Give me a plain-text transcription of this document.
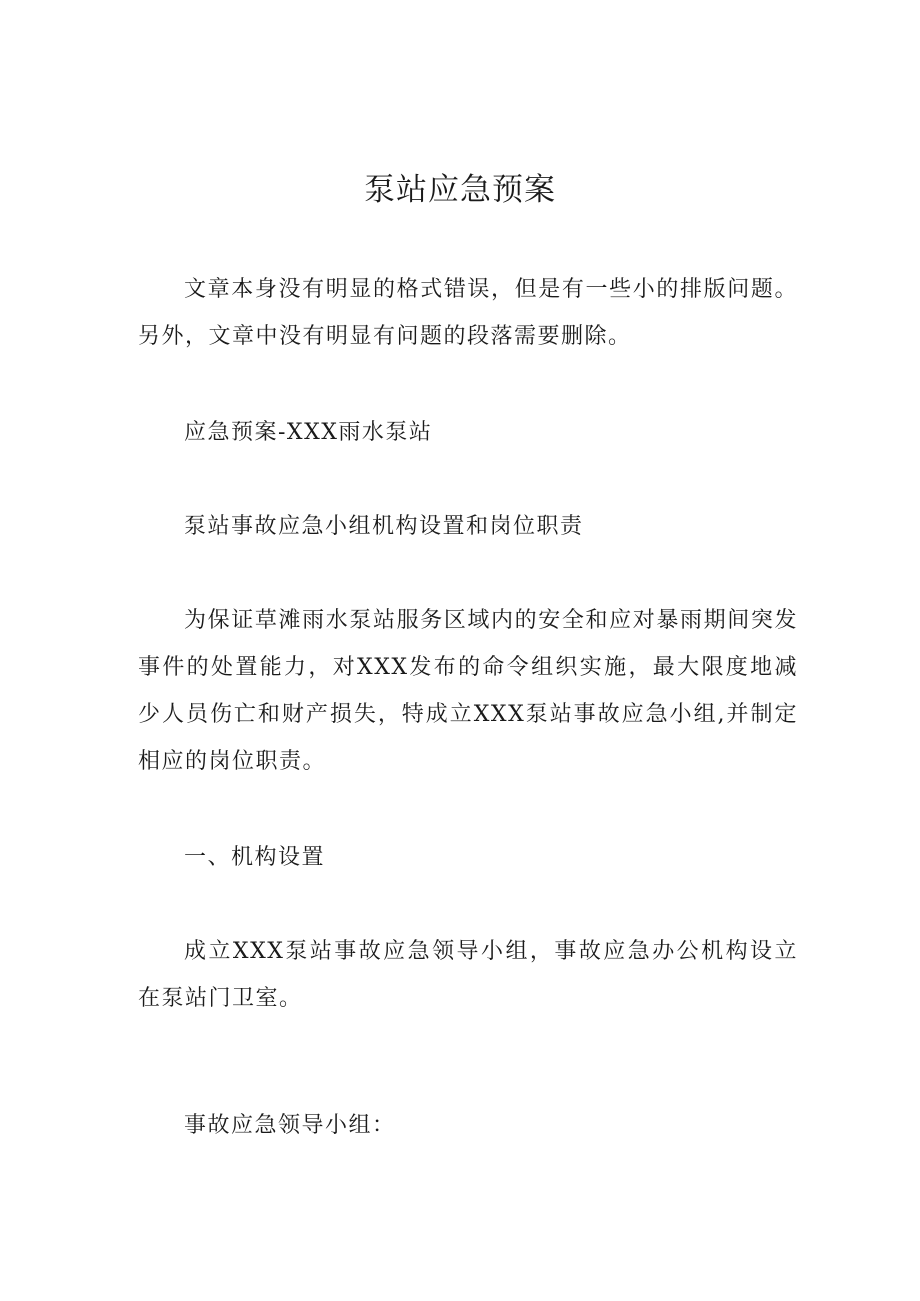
泵站应急预案

文章本身没有明显的格式错误，但是有一些小的排版问题。另外，文章中没有明显有问题的段落需要删除。

应急预案-XXX雨水泵站

泵站事故应急小组机构设置和岗位职责

为保证草滩雨水泵站服务区域内的安全和应对暴雨期间突发事件的处置能力，对XXX发布的命令组织实施，最大限度地减少人员伤亡和财产损失，特成立XXX泵站事故应急小组,并制定相应的岗位职责。

一、机构设置

成立XXX泵站事故应急领导小组，事故应急办公机构设立在泵站门卫室。

事故应急领导小组：
